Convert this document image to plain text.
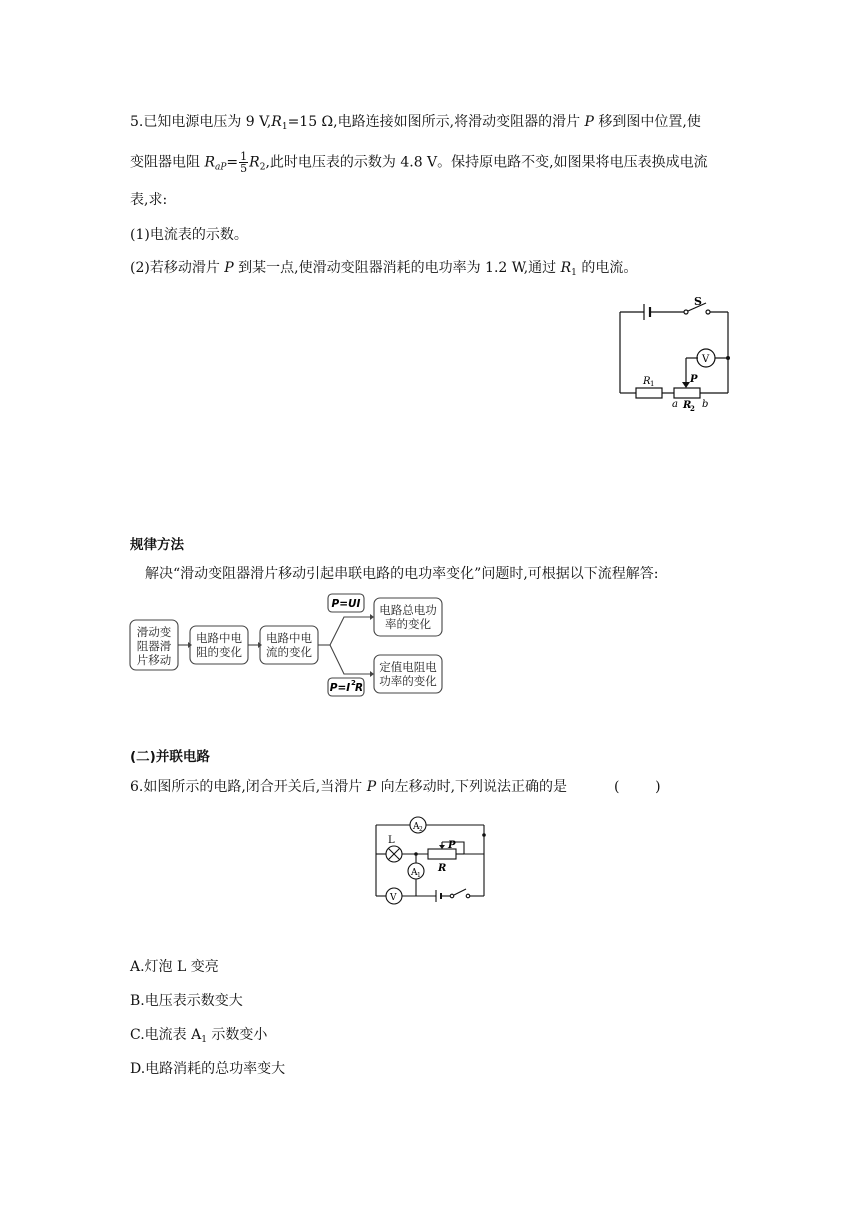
5.已知电源电压为 9 $V,R_1=15$ Ω,电路连接如图所示,将滑动变阻器的滑片 P 移到图中位置,使
变阻器电阻 $R_{aP}= \frac{1}{5} R_2$,此时电压表的示数为 4.8 V。保持原电路不变,如图果将电压表换成电流
表,求:
(1)电流表的示数。
(2)若移动滑片 P 到某一点,使滑动变阻器消耗的电功率为 1.2 W,通过 $R_1$ 的电流。
S
V
P
R 1
a R
2 b
规律方法
解决“滑动变阻器滑片移动引起串联电路的电功率变化”问题时,可根据以下流程解答:
滑动变
阻器滑
片移动
电路中电
阻的变化
电路中电
流的变化
电路总电功
率的变化
定值电阻电
功率的变化
P=UI
P=I 2 R
(二)并联电路
6.如图所示的电路,闭合开关后,当滑片 P 向左移动时,下列说法正确的是	(        )
A 2
L	P
R
A 1
V
A.灯泡 L 变亮
B.电压表示数变大
C.电流表 $A_1$ 示数变小
D.电路消耗的总功率变大
